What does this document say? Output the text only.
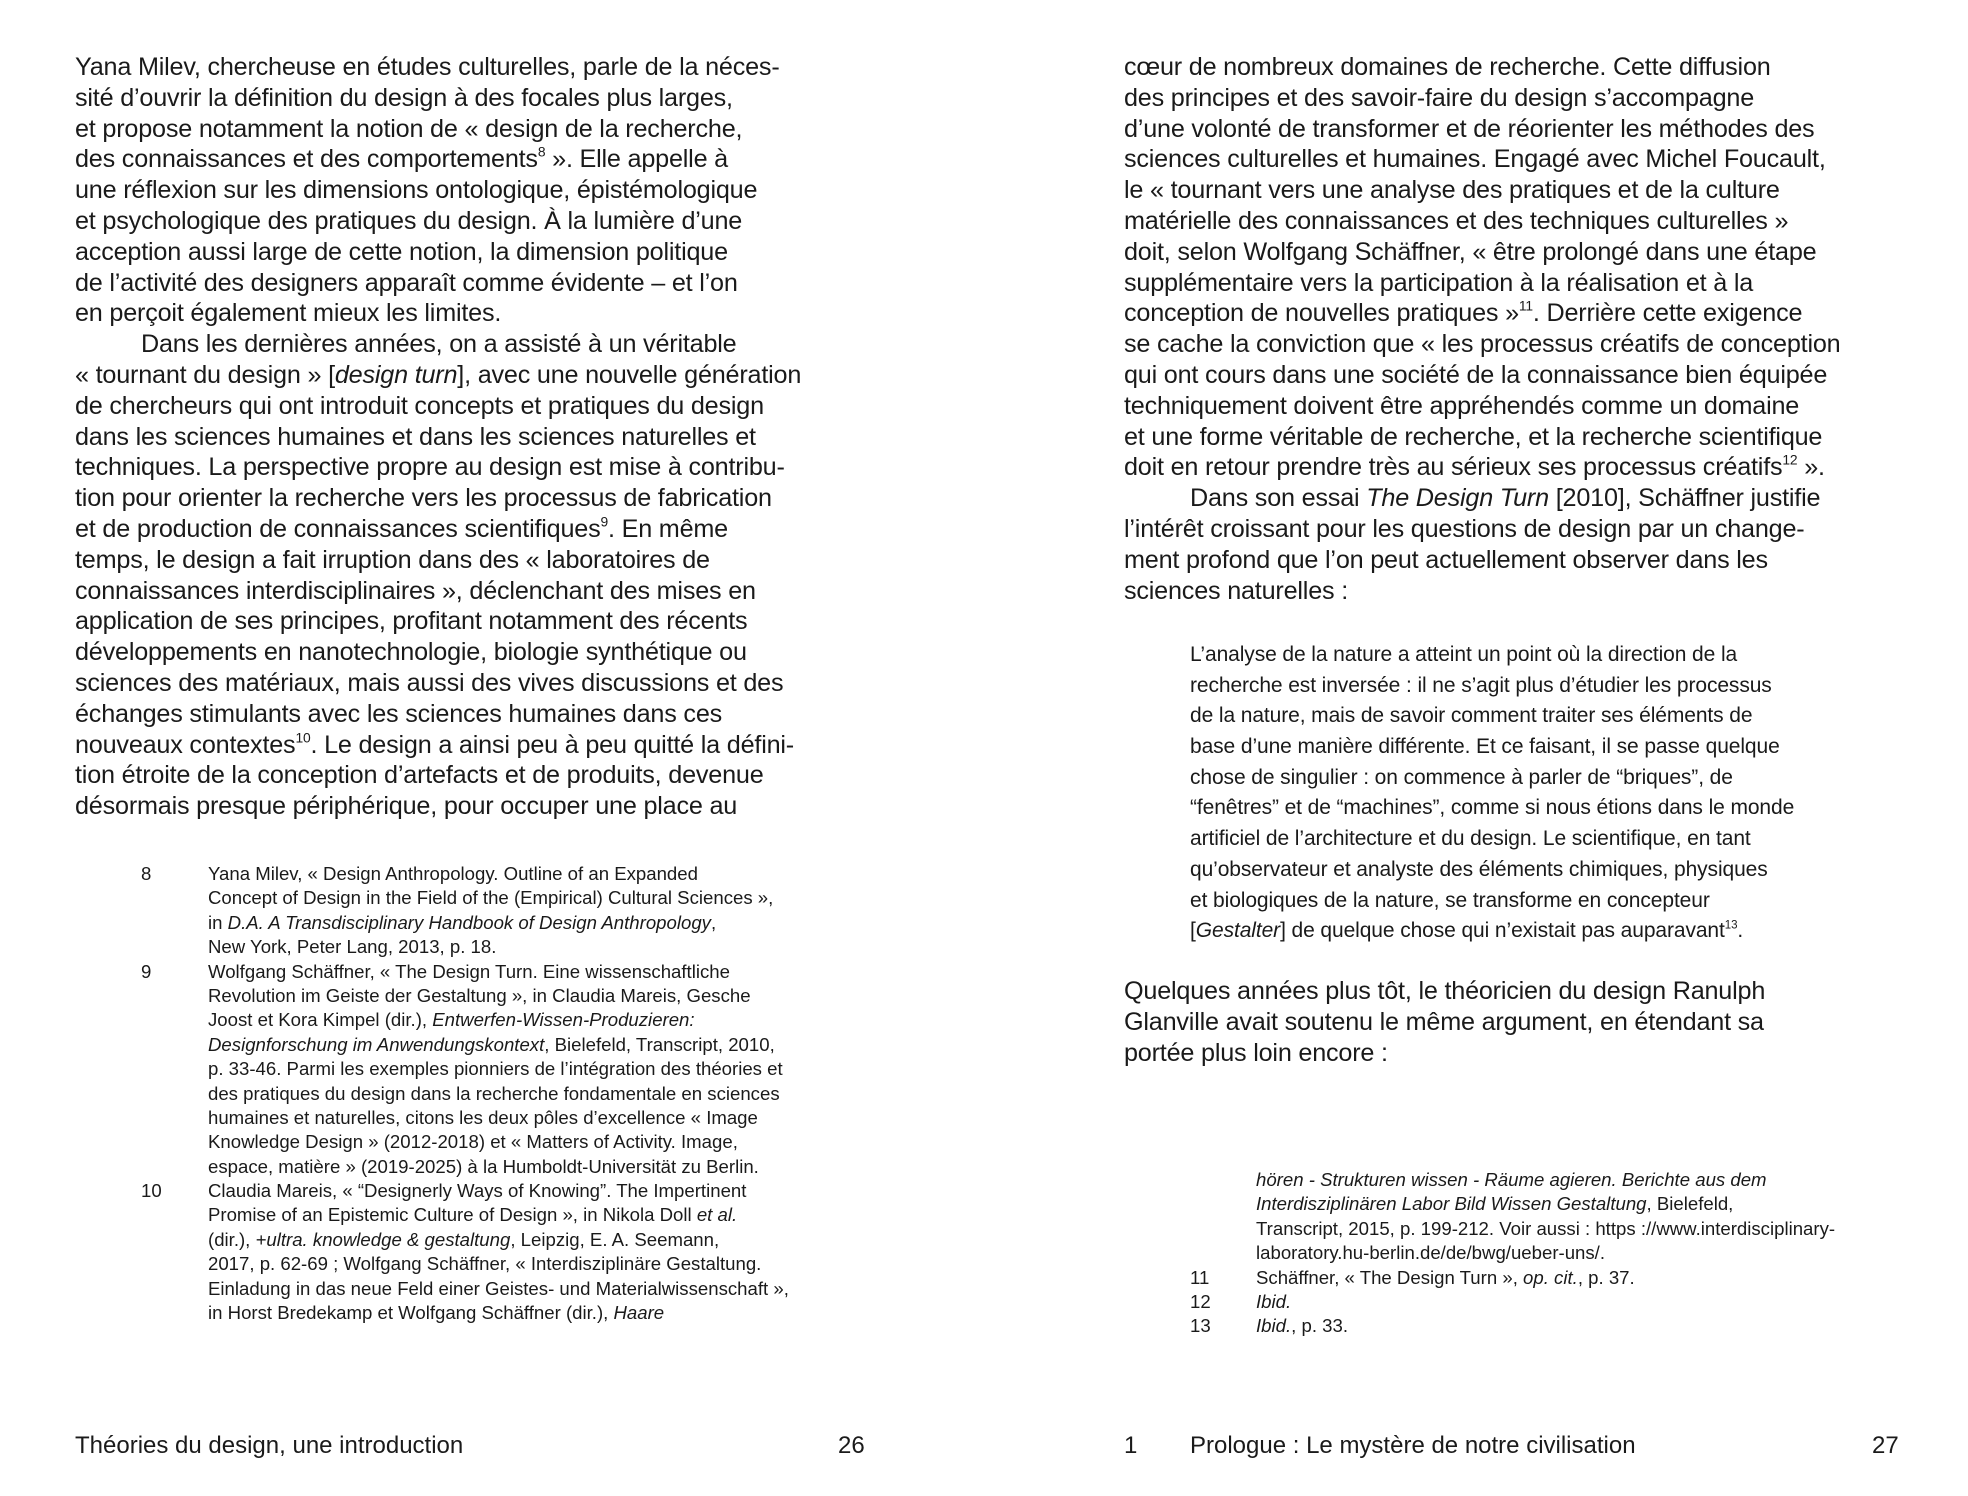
Yana Milev, chercheuse en études culturelles, parle de la néces-
sité d’ouvrir la définition du design à des focales plus larges,
et propose notamment la notion de « design de la recherche,
des connaissances et des comportements$^8$ ». Elle appelle à
une réflexion sur les dimensions ontologique, épistémologique
et psychologique des pratiques du design. À la lumière d’une
acception aussi large de cette notion, la dimension politique
de l’activité des designers apparaît comme évidente – et l’on
en perçoit également mieux les limites.
Dans les dernières années, on a assisté à un véritable
« tournant du design » [design turn], avec une nouvelle génération
de chercheurs qui ont introduit concepts et pratiques du design
dans les sciences humaines et dans les sciences naturelles et
techniques. La perspective propre au design est mise à contribu-
tion pour orienter la recherche vers les processus de fabrication
et de production de connaissances scientifiques$^9$. En même
temps, le design a fait irruption dans des « laboratoires de
connaissances interdisciplinaires », déclenchant des mises en
application de ses principes, profitant notamment des récents
développements en nanotechnologie, biologie synthétique ou
sciences des matériaux, mais aussi des vives discussions et des
échanges stimulants avec les sciences humaines dans ces
nouveaux contextes$^{10}$. Le design a ainsi peu à peu quitté la défini-
tion étroite de la conception d’artefacts et de produits, devenue
désormais presque périphérique, pour occuper une place au
8	Yana Milev, « Design Anthropology. Outline of an Expanded
Concept of Design in the Field of the (Empirical) Cultural Sciences »,
in D.A. A Transdisciplinary Handbook of Design Anthropology,
New York, Peter Lang, 2013, p. 18.
9	Wolfgang Schäffner, « The Design Turn. Eine wissenschaftliche
Revolution im Geiste der Gestaltung », in Claudia Mareis, Gesche
Joost et Kora Kimpel (dir.), Entwerfen-Wissen-Produzieren:
Designforschung im Anwendungskontext, Bielefeld, Transcript, 2010,
p. 33-46. Parmi les exemples pionniers de l’intégration des théories et
des pratiques du design dans la recherche fondamentale en sciences
humaines et naturelles, citons les deux pôles d’excellence « Image
Knowledge Design » (2012-2018) et « Matters of Activity. Image,
espace, matière » (2019-2025) à la Humboldt-Universität zu Berlin.
10 Claudia Mareis, « “Designerly Ways of Knowing”. The Impertinent
Promise of an Epistemic Culture of Design », in Nikola Doll et al.
(dir.), +ultra. knowledge & gestaltung, Leipzig, E. A. Seemann,
2017, p. 62-69 ; Wolfgang Schäffner, « Interdisziplinäre Gestaltung.
Einladung in das neue Feld einer Geistes- und Materialwissenschaft »,
in Horst Bredekamp et Wolfgang Schäffner (dir.), Haare
Théories du design, une introduction	26
cœur de nombreux domaines de recherche. Cette diffusion
des principes et des savoir-faire du design s’accompagne
d’une volonté de transformer et de réorienter les méthodes des
sciences culturelles et humaines. Engagé avec Michel Foucault,
le « tournant vers une analyse des pratiques et de la culture
matérielle des connaissances et des techniques culturelles »
doit, selon Wolfgang Schäffner, « être prolongé dans une étape
supplémentaire vers la participation à la réalisation et à la
conception de nouvelles pratiques »$^{11}$. Derrière cette exigence
se cache la conviction que « les processus créatifs de conception
qui ont cours dans une société de la connaissance bien équipée
techniquement doivent être appréhendés comme un domaine
et une forme véritable de recherche, et la recherche scientifique
doit en retour prendre très au sérieux ses processus créatifs$^{12}$ ».
Dans son essai The Design Turn [2010], Schäffner justifie
l’intérêt croissant pour les questions de design par un change-
ment profond que l’on peut actuellement observer dans les
sciences naturelles :
L’analyse de la nature a atteint un point où la direction de la
recherche est inversée : il ne s’agit plus d’étudier les processus
de la nature, mais de savoir comment traiter ses éléments de
base d’une manière différente. Et ce faisant, il se passe quelque
chose de singulier : on commence à parler de “briques”, de
“fenêtres” et de “machines”, comme si nous étions dans le monde
artificiel de l’architecture et du design. Le scientifique, en tant
qu’observateur et analyste des éléments chimiques, physiques
et biologiques de la nature, se transforme en concepteur
[Gestalter] de quelque chose qui n’existait pas auparavant$^{13}$.
Quelques années plus tôt, le théoricien du design Ranulph
Glanville avait soutenu le même argument, en étendant sa
portée plus loin encore :
hören - Strukturen wissen - Räume agieren. Berichte aus dem
Interdisziplinären Labor Bild Wissen Gestaltung, Bielefeld,
Transcript, 2015, p. 199-212. Voir aussi : https ://www.interdisciplinary-
laboratory.hu-berlin.de/de/bwg/ueber-uns/.
11	Schäffner, « The Design Turn », op. cit., p. 37.
12 Ibid.
13 Ibid., p. 33.
1 Prologue : Le mystère de notre civilisation	27
